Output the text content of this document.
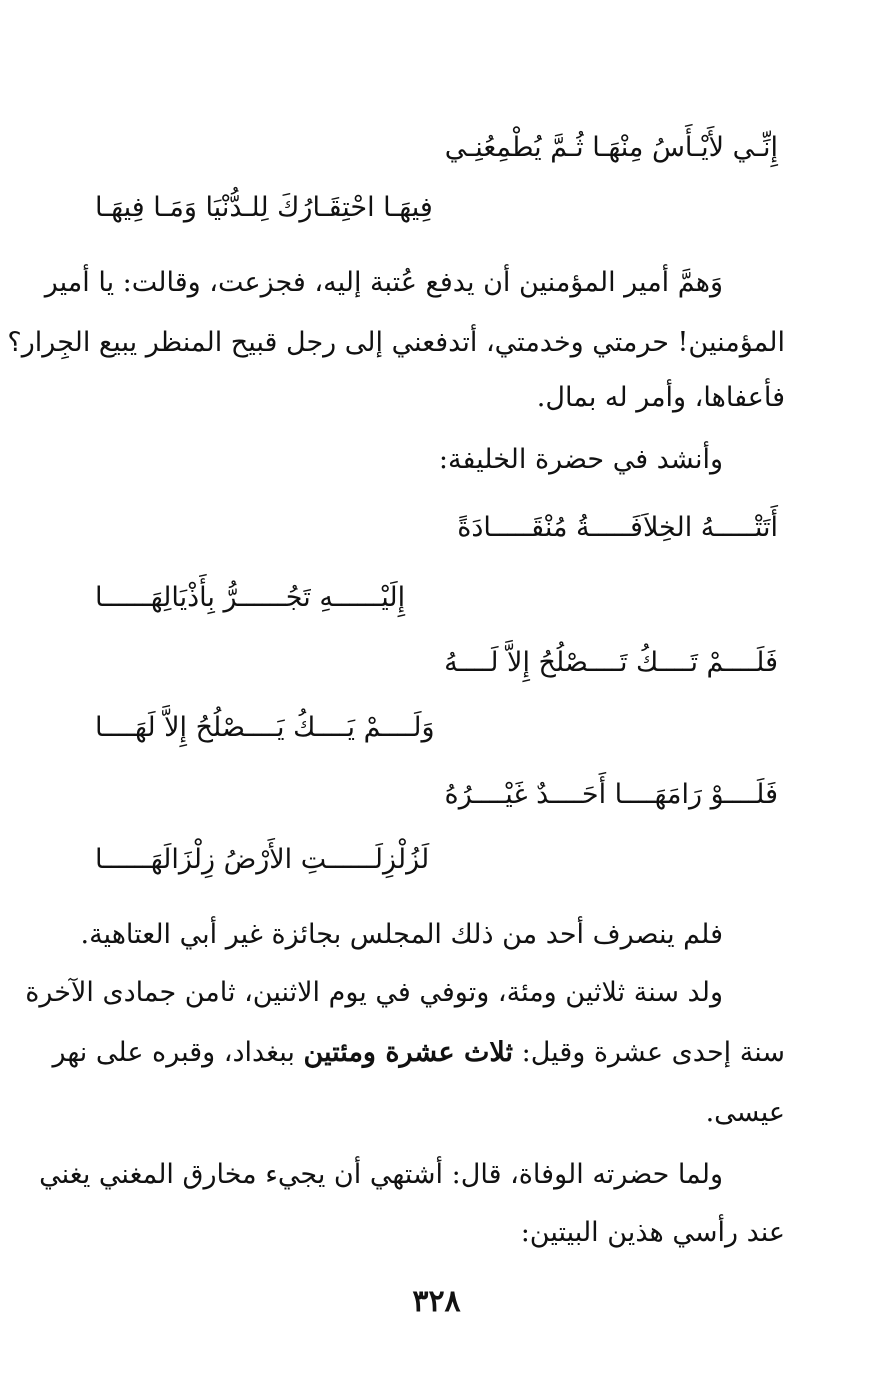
إِنِّـي لأَيْـأَسُ مِنْهَـا ثُـمَّ يُطْمِعُنِـي
فِيهَـا احْتِقَـارُكَ لِلـدُّنْيَا وَمَـا فِيهَـا
وَهمَّ أمير المؤمنين أن يدفع عُتبة إليه، فجزعت، وقالت: يا أمير
المؤمنين! حرمتي وخدمتي، أتدفعني إلى رجل قبيح المنظر يبيع الجِرار؟
فأعفاها، وأمر له بمال.
وأنشد في حضرة الخليفة:
أَتَتْـــــهُ الخِلاَفَـــــةُ مُنْقَـــــادَةً
إِلَيْــــــهِ تَجُــــــرُّ بِأَذْيَالِهَــــــا
فَلَــــمْ تَــــكُ تَــــصْلُحُ إِلاَّ لَــــهُ
وَلَــــمْ يَــــكُ يَــــصْلُحُ إِلاَّ لَهَــــا
فَلَــــوْ رَامَهَــــا أَحَــــدٌ غَيْــــرُهُ
لَزُلْزِلَــــــتِ الأَرْضُ زِلْزَالَهَــــــا
فلم ينصرف أحد من ذلك المجلس بجائزة غير أبي العتاهية.
ولد سنة ثلاثين ومئة، وتوفي في يوم الاثنين، ثامن جمادى الآخرة
سنة إحدى عشرة وقيل: ثلاث عشرة ومئتين ببغداد، وقبره على نهر
عيسى.
ولما حضرته الوفاة، قال: أشتهي أن يجيء مخارق المغني يغني
عند رأسي هذين البيتين:
٣٢٨
